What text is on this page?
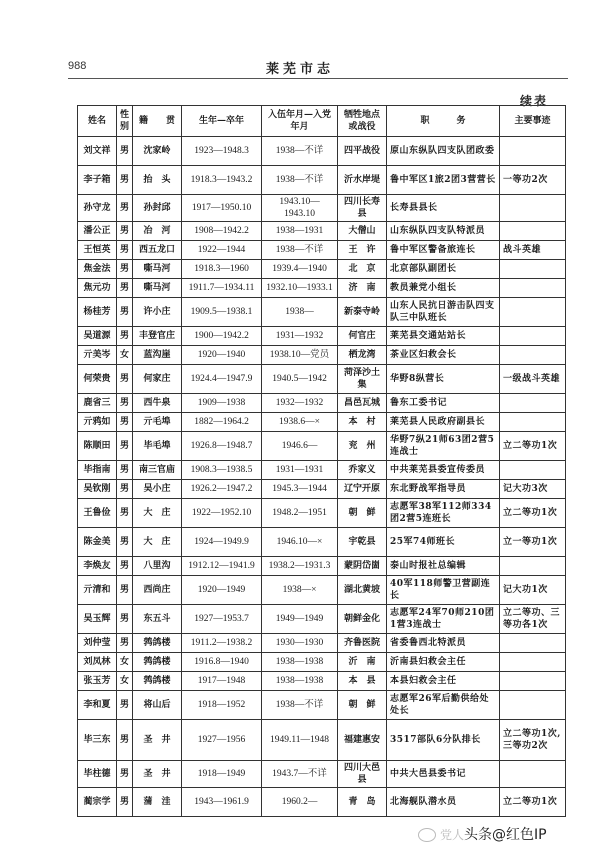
988	莱芜市志
续表
姓名	性别	籍　　贯	生年—卒年	入伍年月—入党年月	牺牲地点或战役	职　　　务	主要事迹
刘文祥	男	沈家岭	1923—1948.3	1938—不详	四平战役	原山东纵队四支队团政委	
李子箱	男	抬　头	1918.3—1943.2	1938—不详	沂水岸堤	鲁中军区1旅2团3营营长	一等功2次
孙守龙	男	孙封邱	1917—1950.10	1943.10—1943.10	四川长寿县	长寿县县长	
潘公正	男	冶　河	1908—1942.2	1938—1931	大僧山	山东纵队四支队特派员	
王恒英	男	西五龙口	1922—1944	1938—不详	王　许	鲁中军区警备旅连长	战斗英雄
焦金法	男	嘶马河	1918.3—1960	1939.4—1940	北　京	北京部队副团长	
焦元功	男	嘶马河	1911.7—1934.11	1932.10—1933.1	济　南	教员兼党小组长	
杨桂芳	男	许小庄	1909.5—1938.1	1938—	新泰寺岭	山东人民抗日游击队四支队三中队班长	
吴道源	男	丰登官庄	1900—1942.2	1931—1932	何官庄	莱芜县交通站站长	
亓美岑	女	蓝沟崖	1920—1940	1938.10—党员	栖龙湾	茶业区妇救会长	
何荣贵	男	何家庄	1924.4—1947.9	1940.5—1942	菏泽沙土集	华野8纵营长	一级战斗英雄
鹿省三	男	西牛泉	1909—1938	1932—1932	昌邑瓦城	鲁东工委书记	
亓鸦如	男	亓毛埠	1882—1964.2	1938.6—×	本　村	莱芜县人民政府副县长	
陈顺田	男	毕毛埠	1926.8—1948.7	1946.6—	兖　州	华野7纵21师63团2营5连战士	立二等功1次
毕指南	男	南三官庙	1908.3—1938.5	1931—1931	乔家义	中共莱芜县委宣传委员	
吴钦刚	男	吴小庄	1926.2—1947.2	1945.3—1944	辽宁开原	东北野战军指导员	记大功3次
王鲁俭	男	大　庄	1922—1952.10	1948.2—1951	朝　鲜	志愿军38军112师334团2营5连班长	立二等功1次
陈金美	男	大　庄	1924—1949.9	1946.10—×	宇乾县	25军74师班长	立一等功1次
李焕友	男	八里沟	1912.12—1941.9	1938.2—1931.3	蒙阴岱崮	泰山时报社总编辑	
亓清和	男	西尚庄	1920—1949	1938—×	湖北黄坡	40军118师警卫营副连长	记大功1次
吴玉辉	男	东五斗	1927—1953.7	1949—1949	朝鲜金化	志愿军24军70师210团1营3连战士	立二等功、三等功各1次
刘仲莹	男	鹁鸽楼	1911.2—1938.2	1930—1930	齐鲁医院	省委鲁西北特派员	
刘凤林	女	鹁鸽楼	1916.8—1940	1938—1938	沂　南	沂南县妇救会主任	
张玉芳	女	鹁鸽楼	1917—1948	1938—1938	本　县	本县妇救会主任	
李和夏	男	将山后	1918—1952	1938—不详	朝　鲜	志愿军26军后勤供给处处长	
毕三东	男	圣　井	1927—1956	1949.11—1948	福建惠安	3517部队6分队排长	立二等功1次,三等功2次
毕柱德	男	圣　井	1918—1949	1943.7—不详	四川大邑县	中共大邑县委书记	
蔺宗学	男	蒲　洼	1943—1961.9	1960.2—	青　岛	北海舰队潜水员	立二等功1次
党人头条@红色IP
